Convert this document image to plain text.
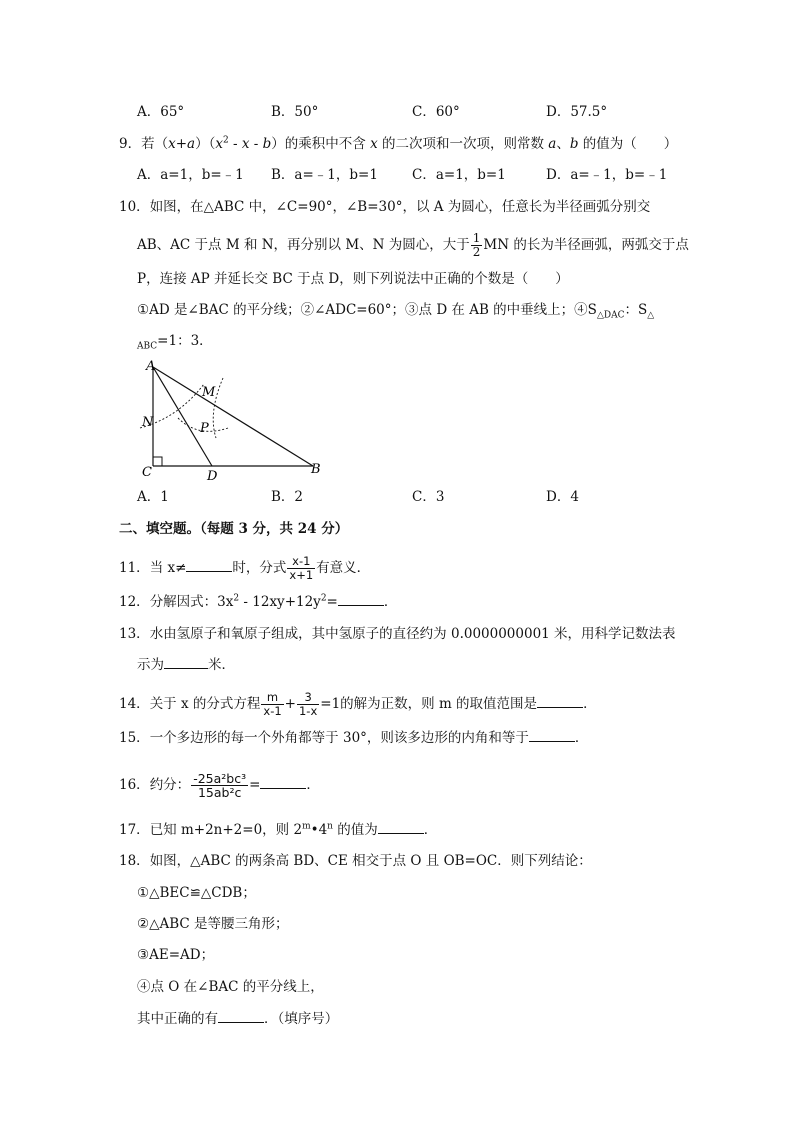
A．65°	B．50°	C．60°	D．57.5°
9．若$(x+a)(x^2 - x - b)$的乘积中不含 x 的二次项和一次项，则常数 a、b 的值为（　　）
A．a=1，b=﹣1 B．a=﹣1，b=1	C．a=1，b=1	D．a=﹣1，b=﹣1
10．如图，在△ABC 中，∠C=90°，∠B=30°，以 A 为圆心，任意长为半径画弧分别交
AB、AC 于点 M 和 N，再分别以 M、N 为圆心，大于 $\frac{1}{2}$ MN 的长为半径画弧，两弧交于点
P，连接 AP 并延长交 BC 于点 D，则下列说法中正确的个数是（　　）
①AD 是∠BAC 的平分线；②∠ADC=60°；③点 D 在 AB 的中垂线上；$④S_{\triangle DAC}$：$S_\triangle$
$_{ABC}$=1：3．
A
M
N	P
C	D	B
A．1	B．2	C．3	D．4
二、填空题。（每题 3 分，共 24 分）
11．当 x≠	时，分式 $\frac{x-1}{x+1}$ 有意义．
12．分解因式：$3x^2 - 12xy+12y^2=$	．
13．水由氢原子和氧原子组成，其中氢原子的直径约为 0.0000000001 米，用科学记数法表
示为	米．
14．关于 x 的分式方程 $\frac{m}{x-1} + \frac{3}{1-x} =1$的解为正数，则 m 的取值范围是	．
15．一个多边形的每一个外角都等于 30°，则该多边形的内角和等于	．
16．约分： $\frac{\text{-25a²bc³}}{\text{15ab²c}}$ =	．
17．已知 m+2n+2=0，则 2$^m$•4$^n$ 的值为	．
18．如图，△ABC 的两条高 BD、CE 相交于点 O 且 OB=OC．则下列结论：
①△BEC≌△CDB；
②△ABC 是等腰三角形；
③AE=AD；
④点 O 在∠BAC 的平分线上，
其中正确的有	．（填序号）
